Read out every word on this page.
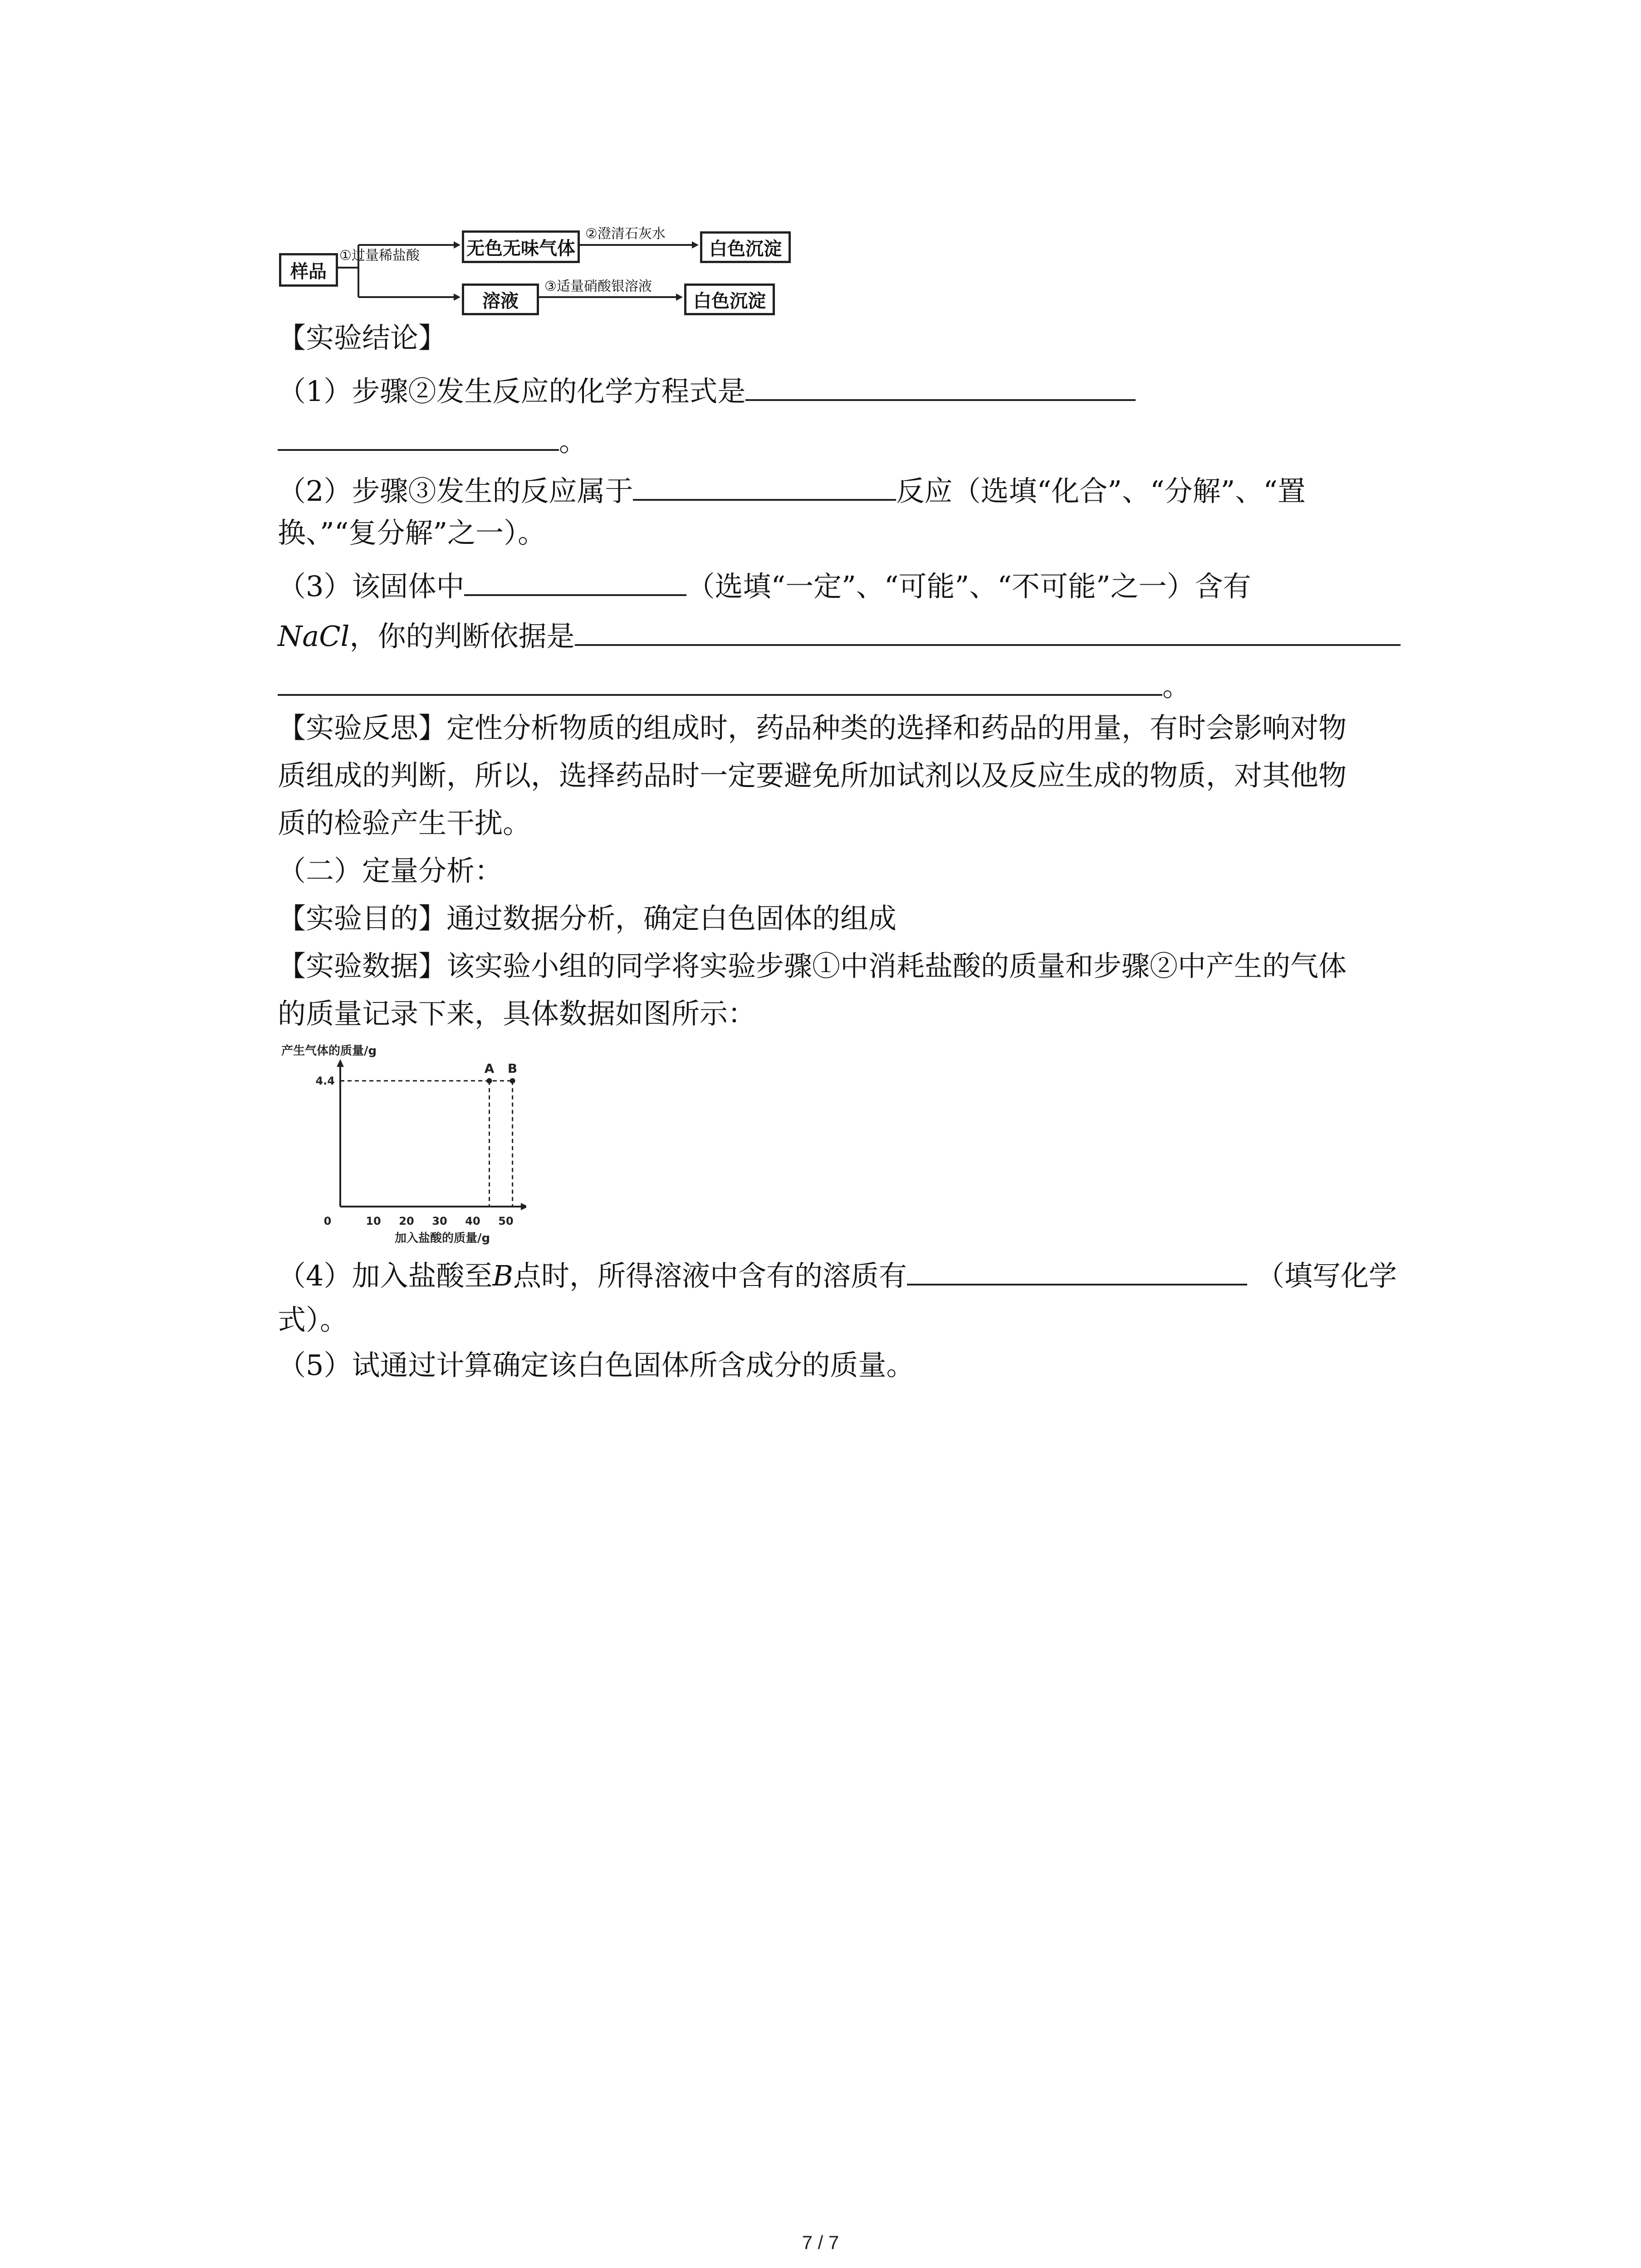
样品
①过量稀盐酸	无色无味气体
②澄清石灰水
白色沉淀
溶液
③适量硝酸银溶液
白色沉淀
【实验结论】
（1）步骤②发生反应的化学方程式是
。
（2）步骤③发生的反应属于	反应（选填“化合”、“分解”、“置
换、”“复分解”之一）。
（3）该固体中	（选填“一定”、“可能”、“不可能”之一）含有
NaCl，你的判断依据是
。
【实验反思】定性分析物质的组成时，药品种类的选择和药品的用量，有时会影响对物
质组成的判断，所以，选择药品时一定要避免所加试剂以及反应生成的物质，对其他物
质的检验产生干扰。
（二）定量分析：
【实验目的】通过数据分析，确定白色固体的组成
【实验数据】该实验小组的同学将实验步骤①中消耗盐酸的质量和步骤②中产生的气体
的质量记录下来，具体数据如图所示：
产生气体的质量/g
0	10 20 30 40 50
4.4
A B
加入盐酸的质量/g
（4）加入盐酸至B点时，所得溶液中含有的溶质有	（填写化学
式）。
（5）试通过计算确定该白色固体所含成分的质量。
7 / 7
